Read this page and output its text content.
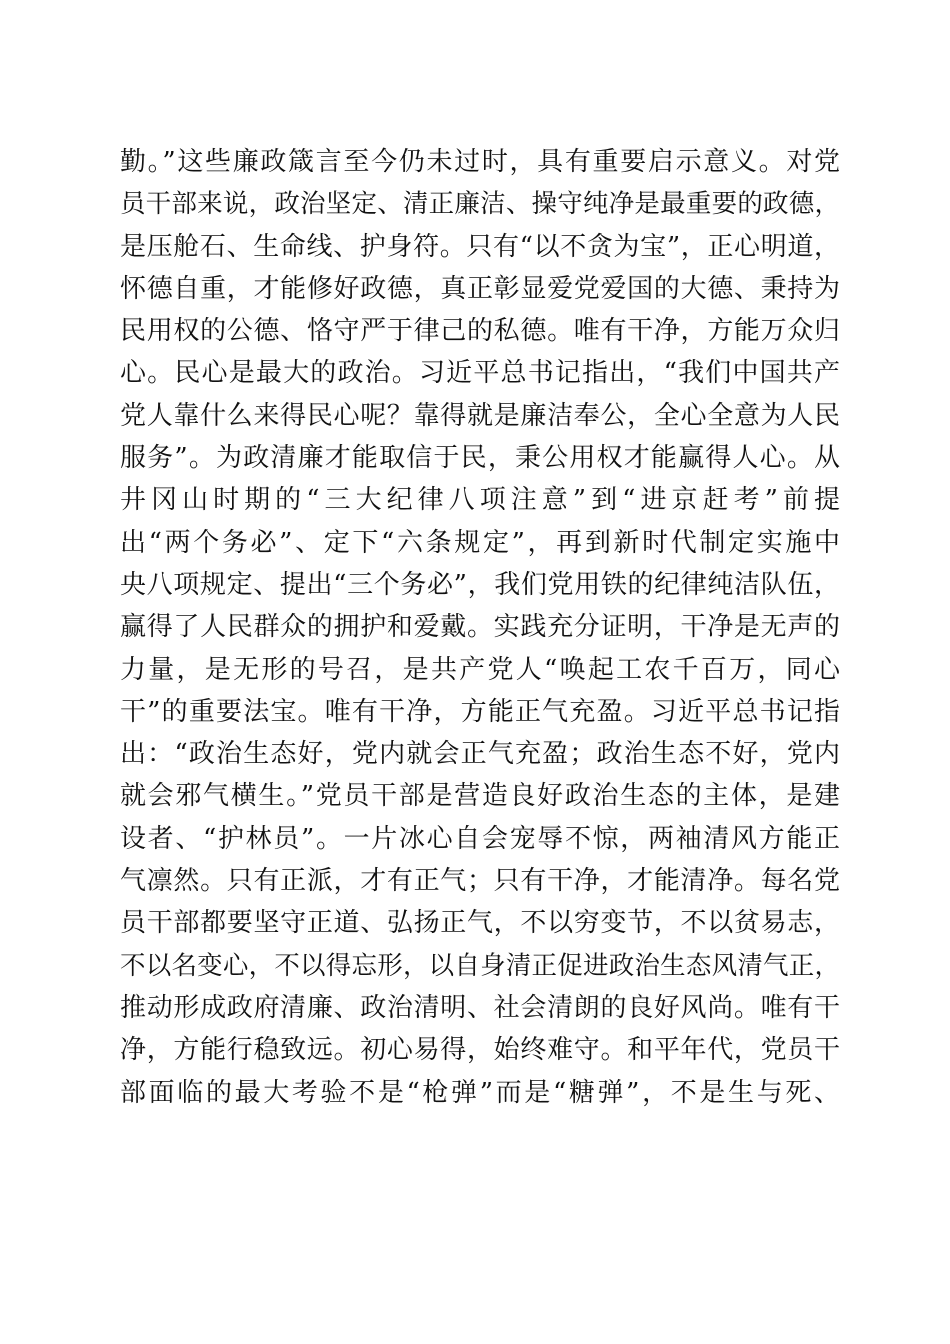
勤。”这些廉政箴言至今仍未过时，具有重要启示意义。对党
员干部来说，政治坚定、清正廉洁、操守纯净是最重要的政德，
是压舱石、生命线、护身符。只有“以不贪为宝”，正心明道，
怀德自重，才能修好政德，真正彰显爱党爱国的大德、秉持为
民用权的公德、恪守严于律己的私德。唯有干净，方能万众归
心。民心是最大的政治。习近平总书记指出，“我们中国共产
党人靠什么来得民心呢？靠得就是廉洁奉公，全心全意为人民
服务”。为政清廉才能取信于民，秉公用权才能赢得人心。从
井冈山时期的“三大纪律八项注意”到“进京赶考”前提
出“两个务必”、定下“六条规定”，再到新时代制定实施中
央八项规定、提出“三个务必”，我们党用铁的纪律纯洁队伍，
赢得了人民群众的拥护和爱戴。实践充分证明，干净是无声的
力量，是无形的号召，是共产党人“唤起工农千百万，同心
干”的重要法宝。唯有干净，方能正气充盈。习近平总书记指
出：“政治生态好，党内就会正气充盈；政治生态不好，党内
就会邪气横生。”党员干部是营造良好政治生态的主体，是建
设者、“护林员”。一片冰心自会宠辱不惊，两袖清风方能正
气凛然。只有正派，才有正气；只有干净，才能清净。每名党
员干部都要坚守正道、弘扬正气，不以穷变节，不以贫易志，
不以名变心，不以得忘形，以自身清正促进政治生态风清气正，
推动形成政府清廉、政治清明、社会清朗的良好风尚。唯有干
净，方能行稳致远。初心易得，始终难守。和平年代，党员干
部面临的最大考验不是“枪弹”而是“糖弹”，不是生与死、
